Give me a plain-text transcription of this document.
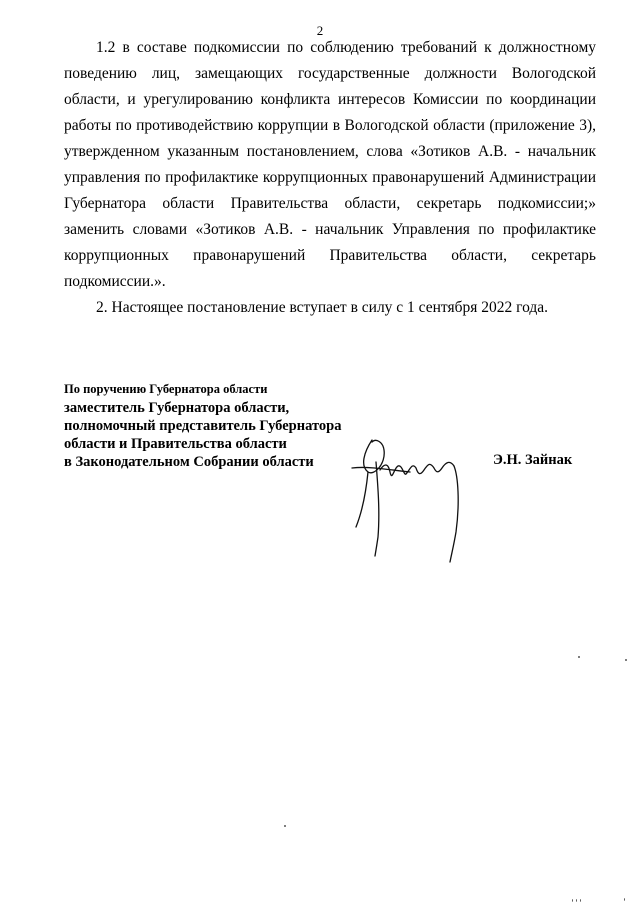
2

1.2 в составе подкомиссии по соблюдению требований к должностному поведению лиц, замещающих государственные должности Вологодской области, и урегулированию конфликта интересов Комиссии по координации работы по противодействию коррупции в Вологодской области (приложение 3), утвержденном указанным постановлением, слова «Зотиков А.В. - начальник управления по профилактике коррупционных правонарушений Администрации Губернатора области Правительства области, секретарь подкомиссии;» заменить словами «Зотиков А.В. - начальник Управления по профилактике коррупционных правонарушений Правительства области, секретарь подкомиссии.».

2. Настоящее постановление вступает в силу с 1 сентября 2022 года.

По поручению Губернатора области
заместитель Губернатора области,
полномочный представитель Губернатора
области и Правительства области
в Законодательном Собрании области	Э.Н. Зайнак
